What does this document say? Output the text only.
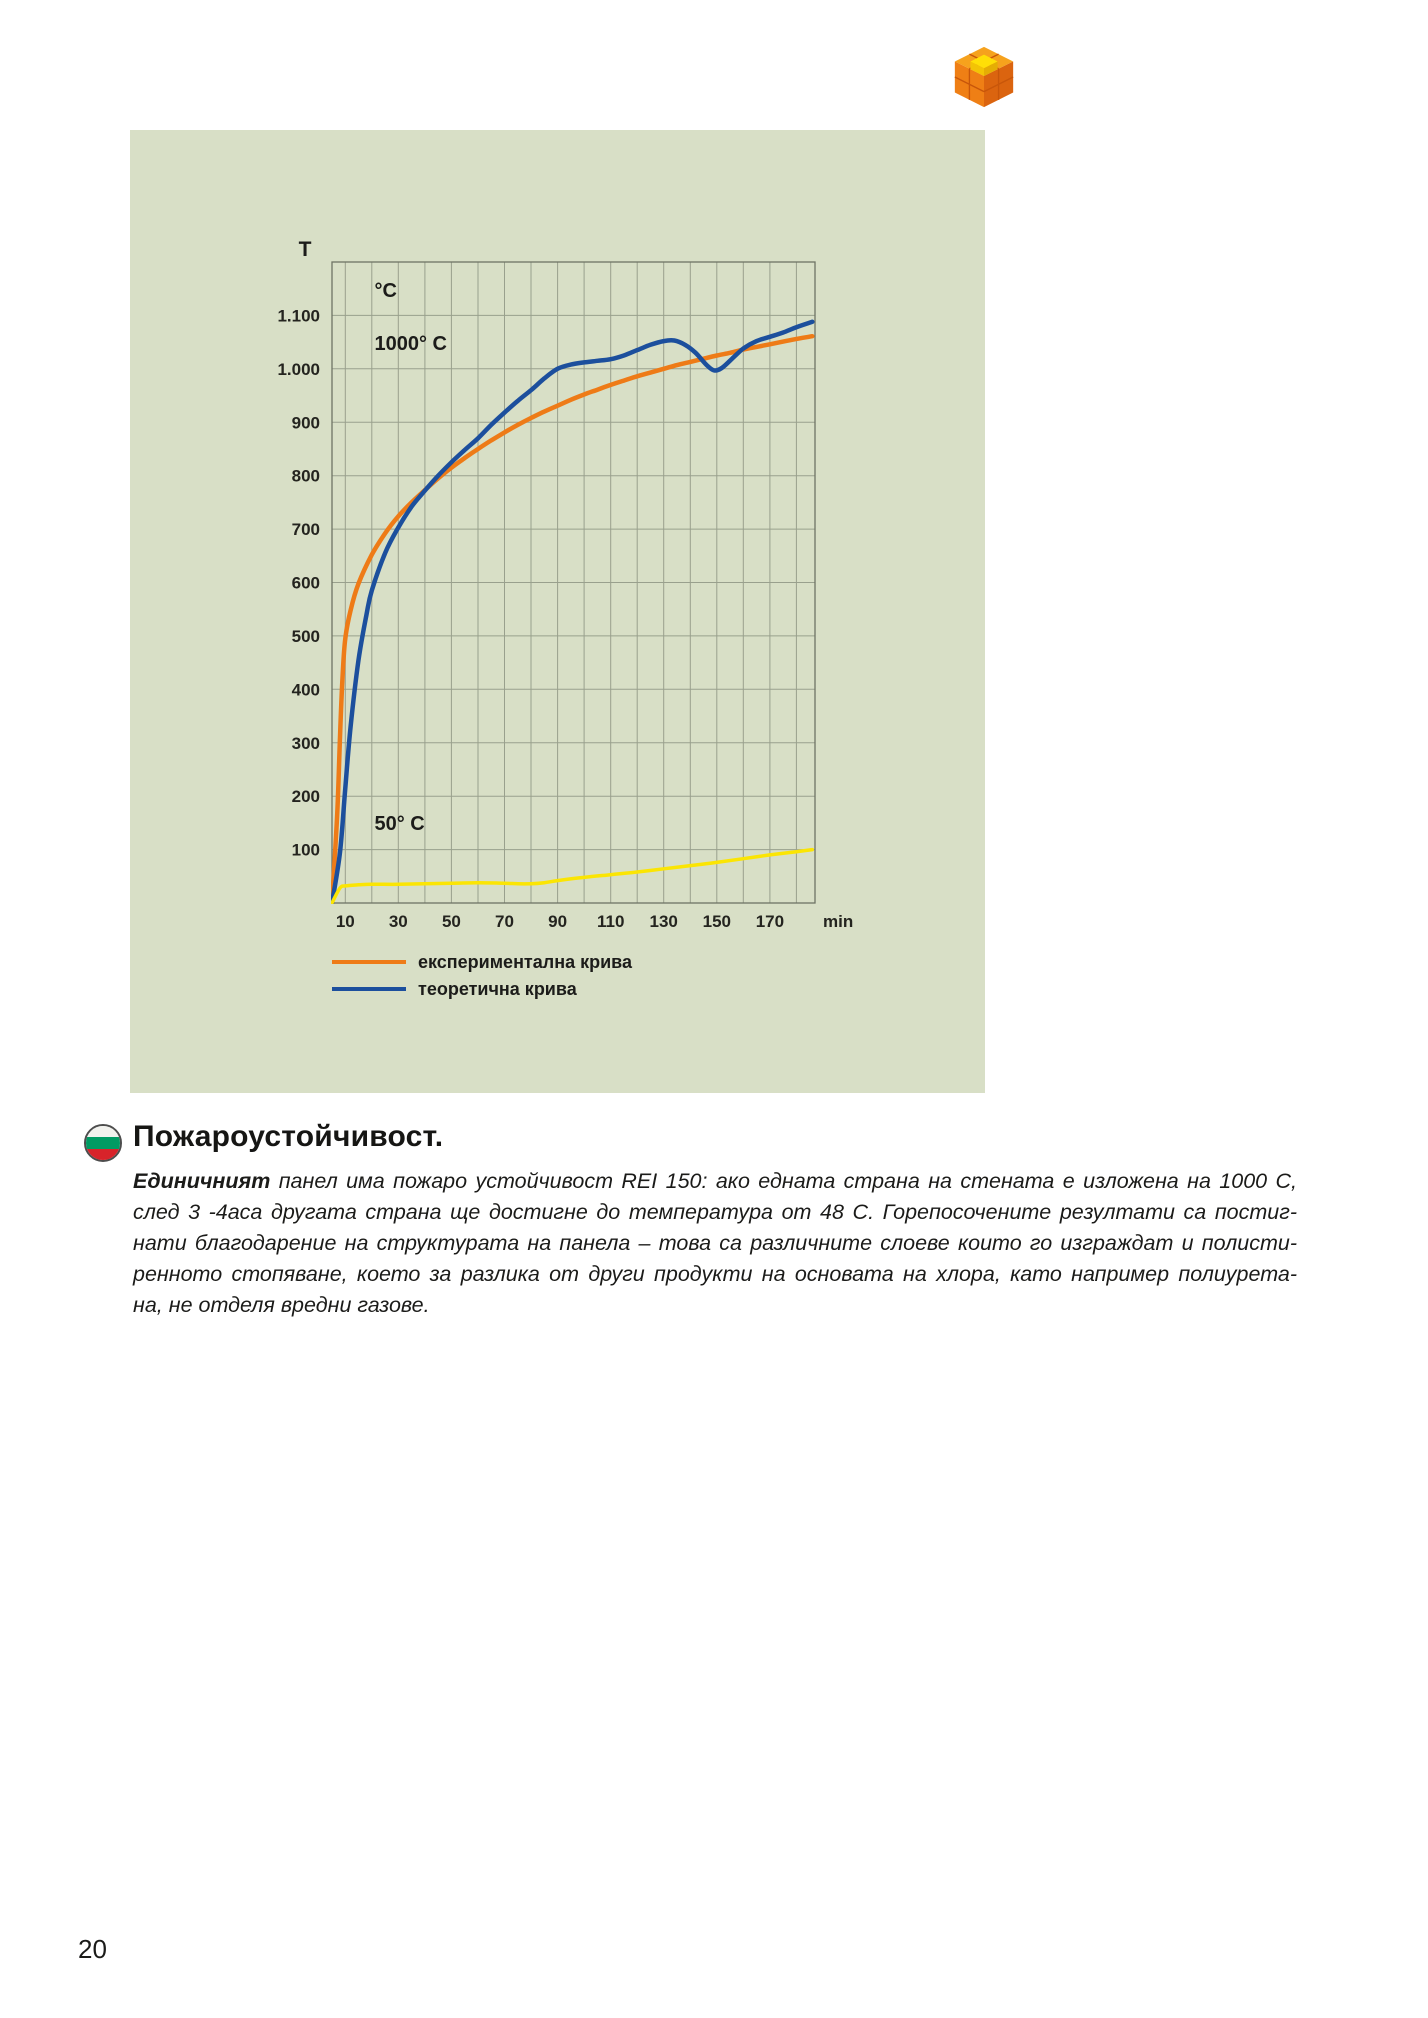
10 30 50 70 90 110 130 150 170 min
100
200
300
400
500
600
700
800
900
1.000
1.100
T
°C
1000° C
50° C
експериментална крива
теоретична крива
Пожароустойчивост.
Единичният панел има пожаро устойчивост REI 150: ако едната страна на стената е изложена на 1000 С,
след 3 -4аса другата страна ще достигне до температура от 48 С. Горепосочените резултати са постиг-
нати благодарение на структурата на панела – това са различните слоеве които го изграждат и полисти-
ренното стопяване, което за разлика от други продукти на основата на хлора, като например полиурета-
на, не отделя вредни газове.
20
